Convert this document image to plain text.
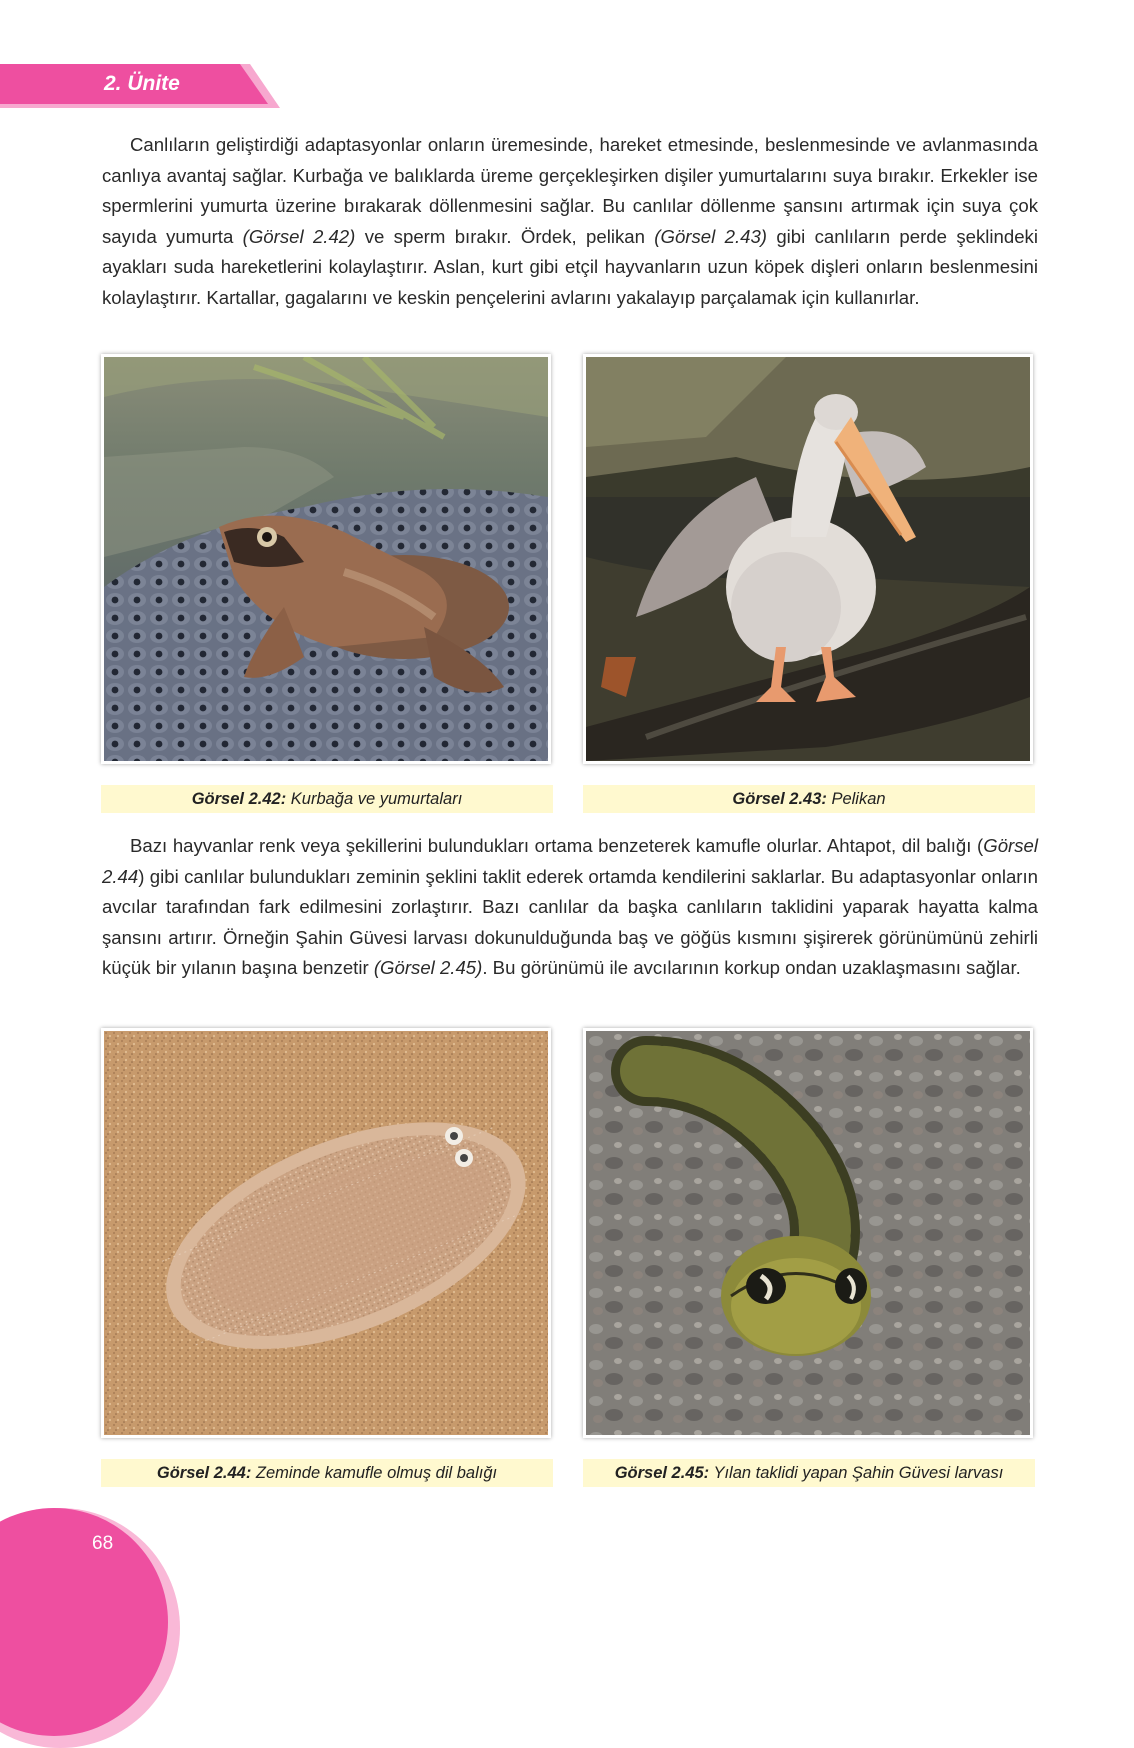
2. Ünite

Canlıların geliştirdiği adaptasyonlar onların üremesinde, hareket etmesinde, beslenmesinde ve avlanmasında canlıya avantaj sağlar. Kurbağa ve balıklarda üreme gerçekleşirken dişiler yumurtalarını suya bırakır. Erkekler ise spermlerini yumurta üzerine bırakarak döllenmesini sağlar. Bu canlılar döllenme şansını artırmak için suya çok sayıda yumurta (Görsel 2.42) ve sperm bırakır. Ördek, pelikan (Görsel 2.43) gibi canlıların perde şeklindeki ayakları suda hareketlerini kolaylaştırır. Aslan, kurt gibi etçil hayvanların uzun köpek dişleri onların beslenmesini kolaylaştırır. Kartallar, gagalarını ve keskin pençelerini avlarını yakalayıp parçalamak için kullanırlar.

Görsel 2.42: Kurbağa ve yumurtaları	Görsel 2.43: Pelikan

Bazı hayvanlar renk veya şekillerini bulundukları ortama benzeterek kamufle olurlar. Ahtapot, dil balığı (Görsel 2.44) gibi canlılar bulundukları zeminin şeklini taklit ederek ortamda kendilerini saklarlar. Bu adaptasyonlar onların avcılar tarafından fark edilmesini zorlaştırır. Bazı canlılar da başka canlıların taklidini yaparak hayatta kalma şansını artırır. Örneğin Şahin Güvesi larvası dokunulduğunda baş ve göğüs kısmını şişirerek görünümünü zehirli küçük bir yılanın başına benzetir (Görsel 2.45). Bu görünümü ile avcılarının korkup ondan uzaklaşmasını sağlar.

Görsel 2.44: Zeminde kamufle olmuş dil balığı	Görsel 2.45: Yılan taklidi yapan Şahin Güvesi larvası
68
